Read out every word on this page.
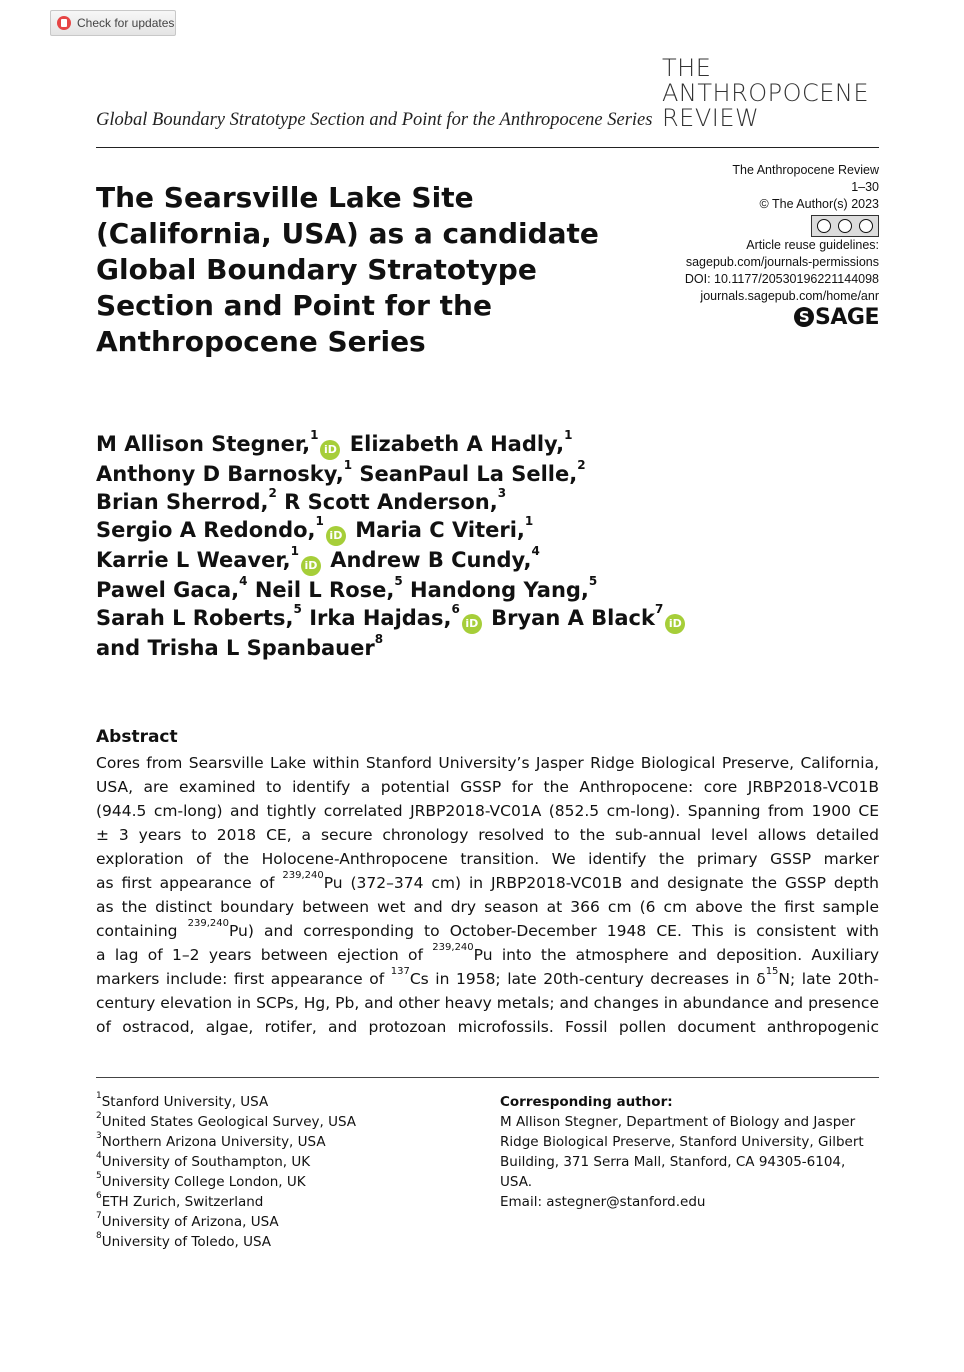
Check for updates
Global Boundary Stratotype Section and Point for the Anthropocene Series
THE
ANTHROPOCENE
REVIEW
The Searsville Lake Site (California, USA) as a candidate Global Boundary Stratotype Section and Point for the Anthropocene Series
The Anthropocene Review
1–30
© The Author(s) 2023
Article reuse guidelines:
sagepub.com/journals-permissions
DOI: 10.1177/20530196221144098
journals.sagepub.com/home/anr
S SAGE
M Allison Stegner,$^1$iD Elizabeth A Hadly,$^1$
Anthony D Barnosky,$^1$ SeanPaul La Selle,$^2$
Brian Sherrod,$^2$ R Scott Anderson,$^3$
Sergio A Redondo,$^1$iD Maria C Viteri,$^1$
Karrie L Weaver,$^1$iD Andrew B Cundy,$^4$
Pawel Gaca,$^4$ Neil L Rose,$^5$ Handong Yang,$^5$
Sarah L Roberts,$^5$ Irka Hajdas,$^6$iD Bryan A Black$^7$iD
and Trisha L Spanbauer$^8$
Abstract
Cores from Searsville Lake within Stanford University’s Jasper Ridge Biological Preserve, California,
USA, are examined to identify a potential GSSP for the Anthropocene: core JRBP2018-VC01B
(944.5 cm-long) and tightly correlated JRBP2018-VC01A (852.5 cm-long). Spanning from 1900 CE
± 3 years to 2018 CE, a secure chronology resolved to the sub-annual level allows detailed
exploration of the Holocene-Anthropocene transition. We identify the primary GSSP marker
as first appearance of $^{239,240}$Pu (372–374 cm) in JRBP2018-VC01B and designate the GSSP depth
as the distinct boundary between wet and dry season at 366 cm (6 cm above the first sample
containing $^{239,240}$Pu) and corresponding to October-December 1948 CE. This is consistent with
a lag of 1–2 years between ejection of $^{239,240}$Pu into the atmosphere and deposition. Auxiliary
markers include: first appearance of $^{137}$Cs in 1958; late 20th-century decreases in $\delta^{15}N$; late 20th-
century elevation in SCPs, Hg, Pb, and other heavy metals; and changes in abundance and presence
of ostracod, algae, rotifer, and protozoan microfossils. Fossil pollen document anthropogenic
$^1$Stanford University, USA
$^2$United States Geological Survey, USA
$^3$Northern Arizona University, USA
$^4$University of Southampton, UK
$^5$University College London, UK
$^6$ETH Zurich, Switzerland
$^7$University of Arizona, USA
$^8$University of Toledo, USA
Corresponding author:
M Allison Stegner, Department of Biology and Jasper
Ridge Biological Preserve, Stanford University, Gilbert
Building, 371 Serra Mall, Stanford, CA 94305-6104, USA.
Email: astegner@stanford.edu
